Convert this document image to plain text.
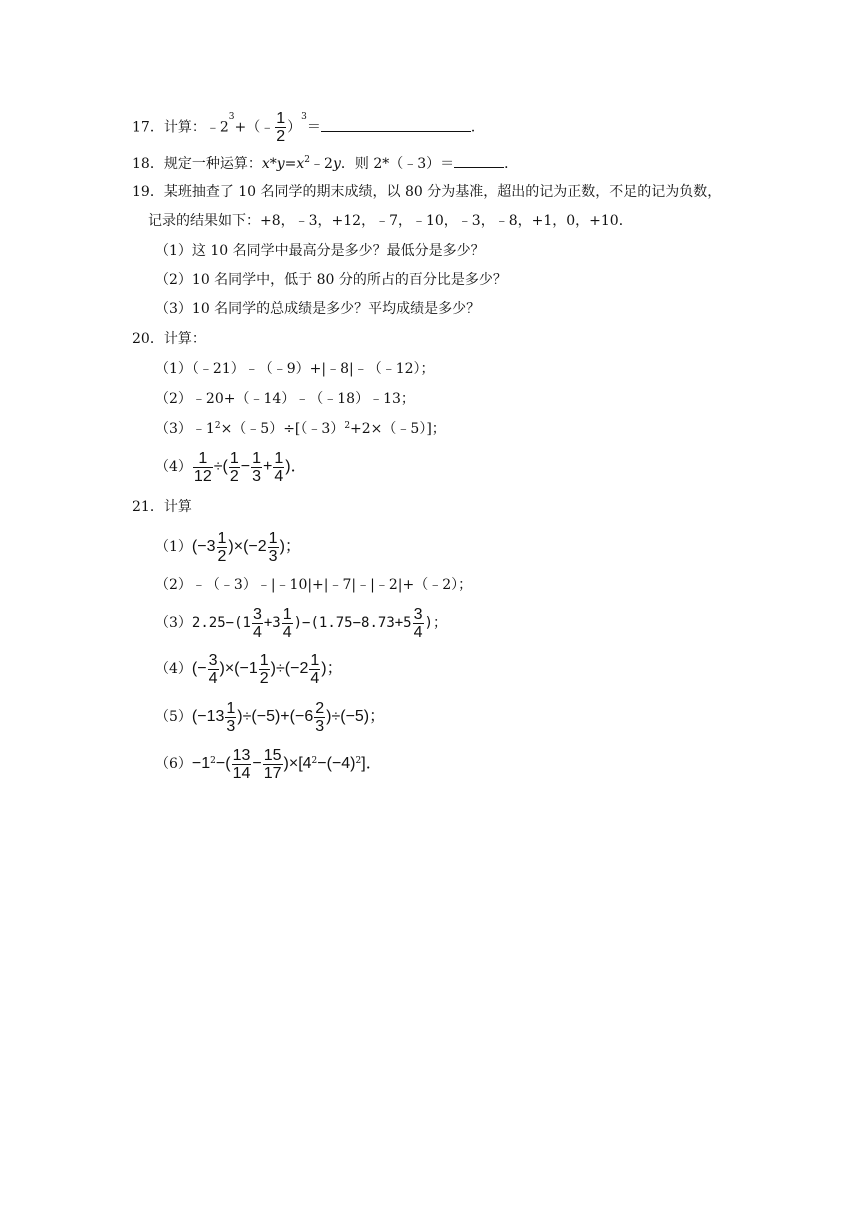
17．计算：$﹣2^3+(﹣ \frac{1}{2} )^3=$	．
18．规定一种运算：$x*y=x^2﹣2y$．则 2*（﹣3）＝	．
19．某班抽查了 10 名同学的期末成绩，以 80 分为基准，超出的记为正数，不足的记为负数，
记录的结果如下：+8，﹣3，+12，﹣7，﹣10，﹣3，﹣8，+1，0，+10．
（1）这 10 名同学中最高分是多少？最低分是多少？
（2）10 名同学中，低于 80 分的所占的百分比是多少？
（3）10 名同学的总成绩是多少？平均成绩是多少？
20．计算：
（1）（﹣21）﹣（﹣9）+|﹣8|﹣（﹣12）；
（2）﹣20+（﹣14）﹣（﹣18）﹣13；
$(3)﹣1^2\times(﹣5)\div[(﹣3)^2+2\times(﹣5)]$；
$(4) \frac{1}{12}$ ÷( $\frac{1}{2} - \frac{1}{3} + \frac{1}{4}$ )．
21．计算
$(1)(-3 \frac{1}{2} )\times(-2 \frac{1}{3}$ )；
（2）﹣（﹣3）﹣|﹣10|+|﹣7|﹣|﹣2|+（﹣2）；
$(3)2.25-(1 \frac{3}{4} +3 \frac{1}{4} )-(1.75-8.73+5 \frac{3}{4}$ )；
$(4)(- \frac{3}{4} )\times(-1 \frac{1}{2} )\div(-2 \frac{1}{4}$ )；
$(5)(-13 \frac{1}{3} )\div(-5)+(-6 \frac{2}{3} )\div(-5)$；
$(6)-1^2-( \frac{13}{14} - \frac{15}{17} )\times[4^2-(-4)^2]$．
